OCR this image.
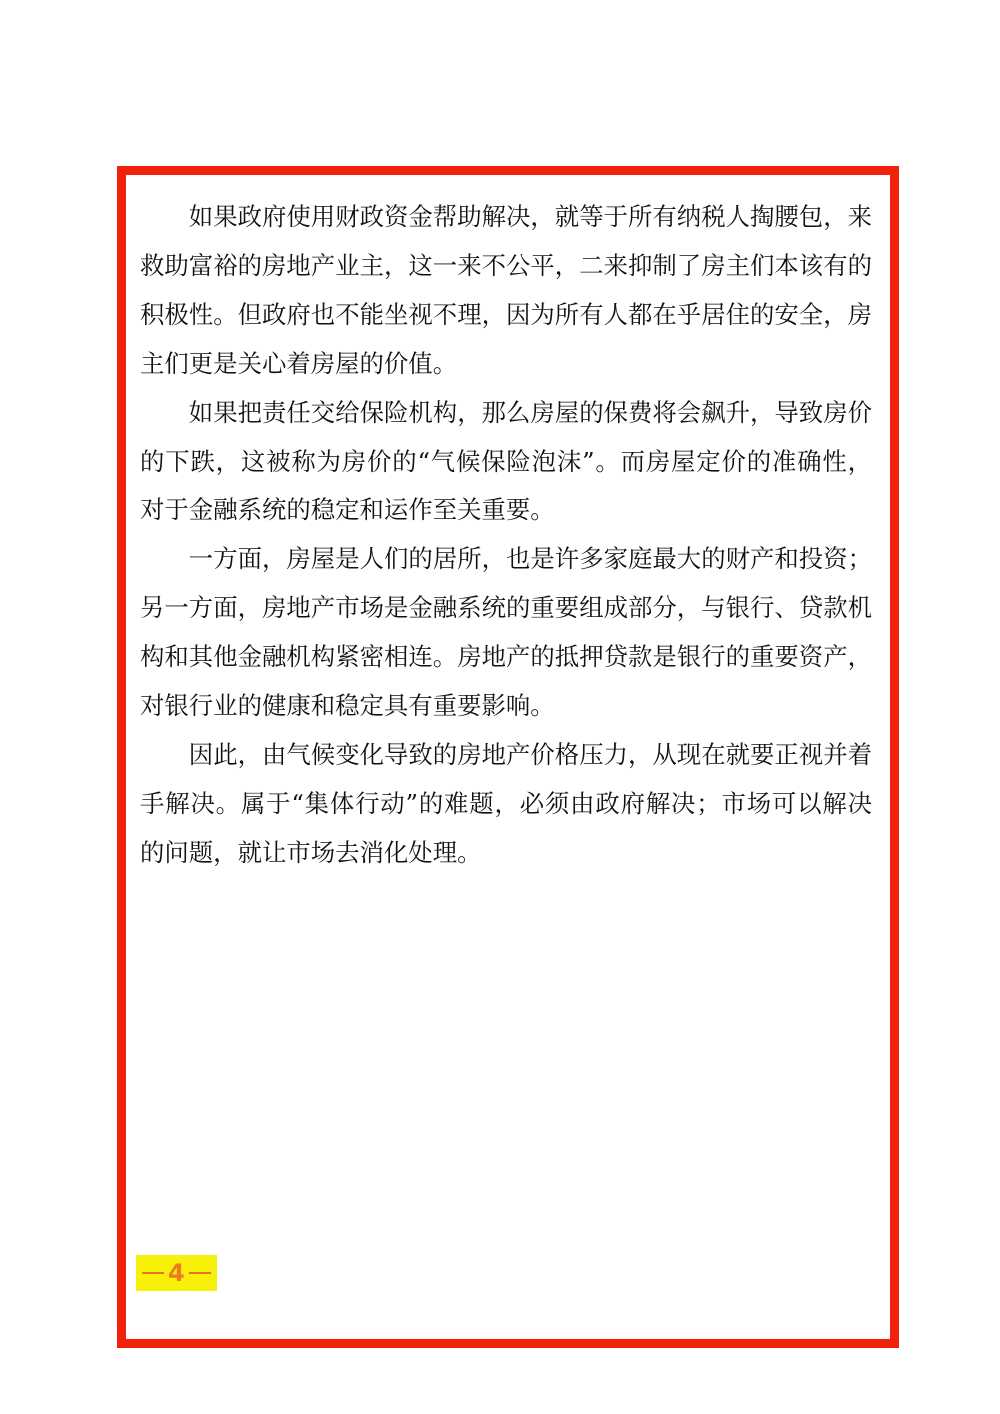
如果政府使用财政资金帮助解决，就等于所有纳税人掏腰包，来救助富裕的房地产业主，这一来不公平，二来抑制了房主们本该有的积极性。但政府也不能坐视不理，因为所有人都在乎居住的安全，房主们更是关心着房屋的价值。

如果把责任交给保险机构，那么房屋的保费将会飙升，导致房价的下跌，这被称为房价的“气候保险泡沫”。而房屋定价的准确性，对于金融系统的稳定和运作至关重要。

一方面，房屋是人们的居所，也是许多家庭最大的财产和投资；另一方面，房地产市场是金融系统的重要组成部分，与银行、贷款机构和其他金融机构紧密相连。房地产的抵押贷款是银行的重要资产，对银行业的健康和稳定具有重要影响。

因此，由气候变化导致的房地产价格压力，从现在就要正视并着手解决。属于“集体行动”的难题，必须由政府解决；市场可以解决的问题，就让市场去消化处理。

4
